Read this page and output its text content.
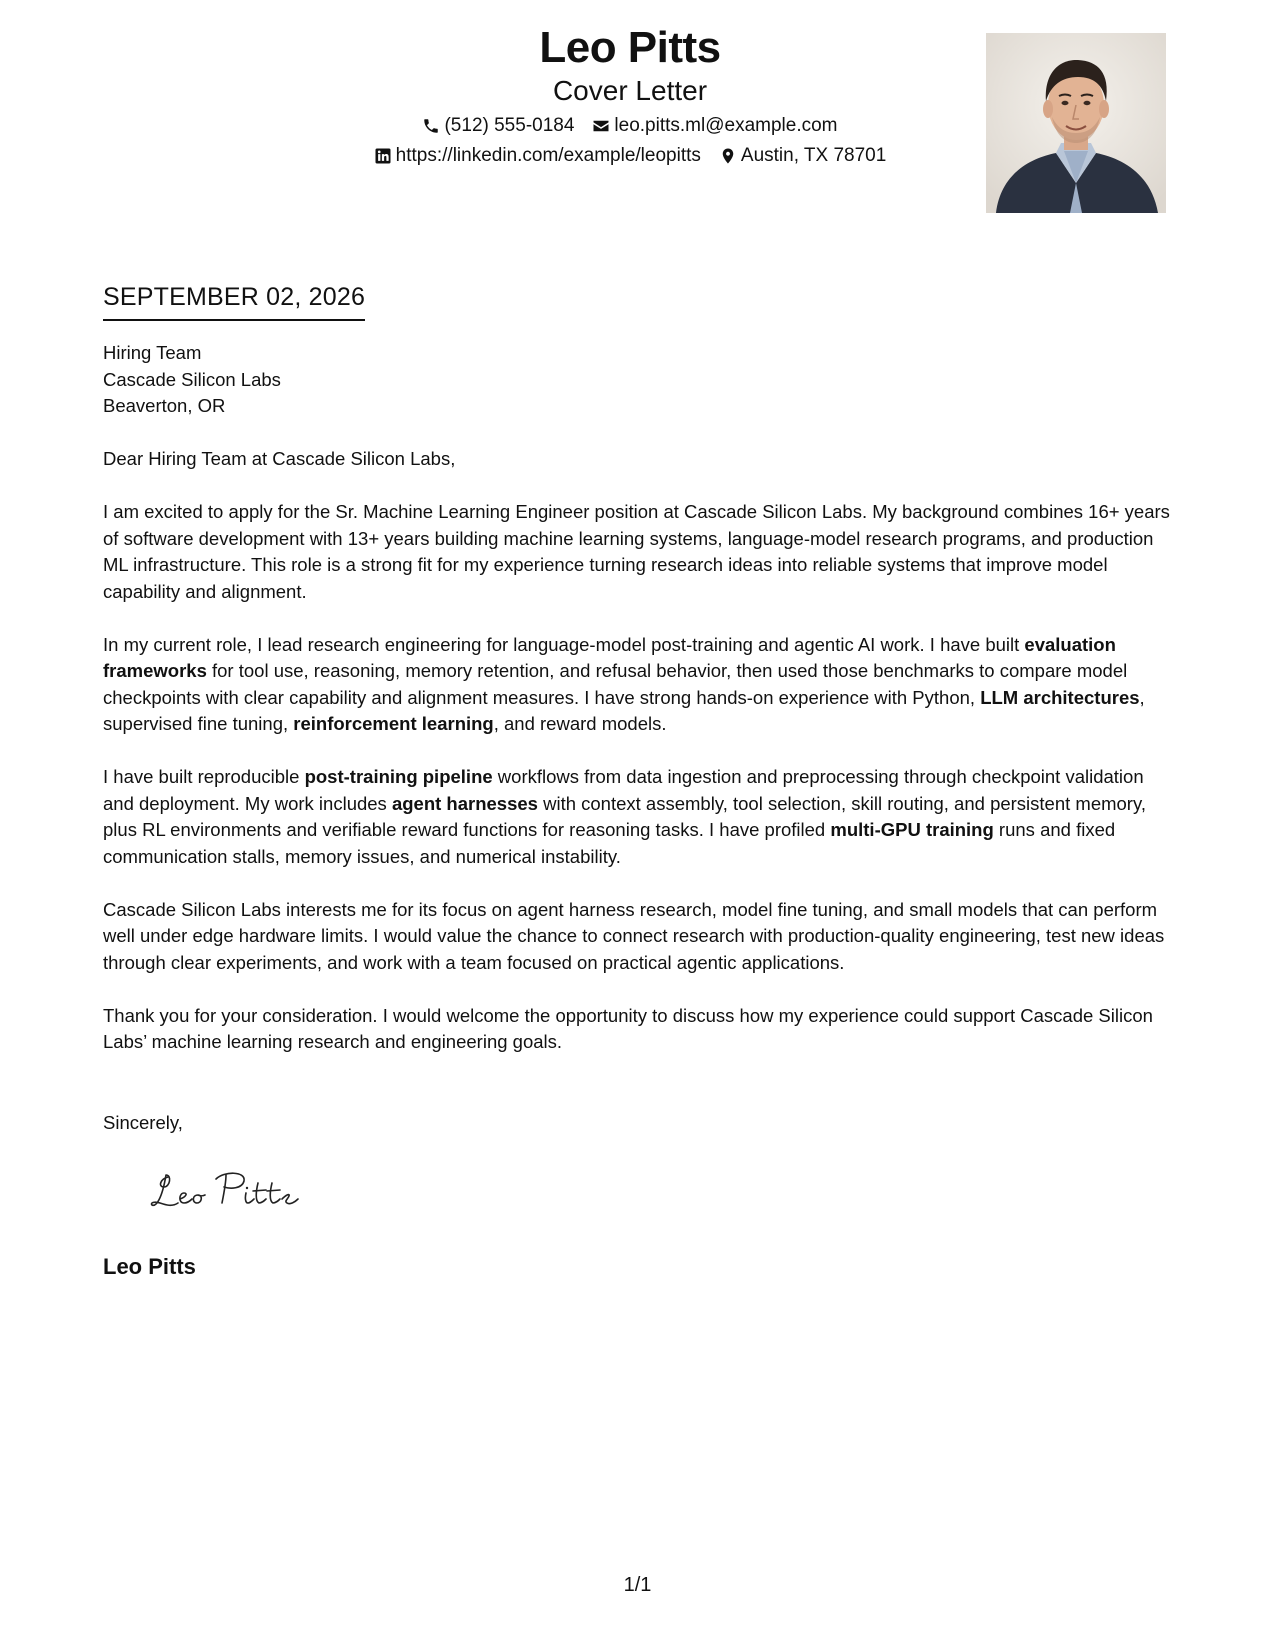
Leo Pitts
Cover Letter
(512) 555-0184 leo.pitts.ml@example.com
https://linkedin.com/example/leopitts Austin, TX 78701
SEPTEMBER 02, 2026
Hiring Team
Cascade Silicon Labs
Beaverton, OR

Dear Hiring Team at Cascade Silicon Labs,

I am excited to apply for the Sr. Machine Learning Engineer position at Cascade Silicon Labs. My background combines 16+ years of software development with 13+ years building machine learning systems, language-model research programs, and production ML infrastructure. This role is a strong fit for my experience turning research ideas into reliable systems that improve model capability and alignment.

In my current role, I lead research engineering for language-model post-training and agentic AI work. I have built evaluation frameworks for tool use, reasoning, memory retention, and refusal behavior, then used those benchmarks to compare model checkpoints with clear capability and alignment measures. I have strong hands-on experience with Python, LLM architectures, supervised fine tuning, reinforcement learning, and reward models.

I have built reproducible post-training pipeline workflows from data ingestion and preprocessing through checkpoint validation and deployment. My work includes agent harnesses with context assembly, tool selection, skill routing, and persistent memory, plus RL environments and verifiable reward functions for reasoning tasks. I have profiled multi-GPU training runs and fixed communication stalls, memory issues, and numerical instability.

Cascade Silicon Labs interests me for its focus on agent harness research, model fine tuning, and small models that can perform well under edge hardware limits. I would value the chance to connect research with production-quality engineering, test new ideas through clear experiments, and work with a team focused on practical agentic applications.

Thank you for your consideration. I would welcome the opportunity to discuss how my experience could support Cascade Silicon Labs’ machine learning research and engineering goals.

Sincerely,
Leo Pitts
1/1
